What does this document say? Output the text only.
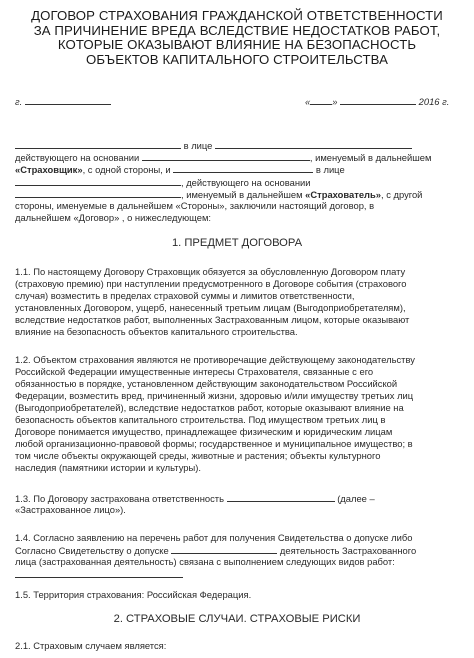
ДОГОВОР СТРАХОВАНИЯ ГРАЖДАНСКОЙ ОТВЕТСТВЕННОСТИ
ЗА ПРИЧИНЕНИЕ ВРЕДА ВСЛЕДСТВИЕ НЕДОСТАТКОВ РАБОТ,
КОТОРЫЕ ОКАЗЫВАЮТ ВЛИЯНИЕ НА БЕЗОПАСНОСТЬ
ОБЪЕКТОВ КАПИТАЛЬНОГО СТРОИТЕЛЬСТВА
г.	« »	2016 г.
в лице
действующего на основании	, именуемый в дальнейшем
«Страховщик», с одной стороны, и	в лице
, действующего на основании
, именуемый в дальнейшем «Страхователь», с другой
стороны, именуемые в дальнейшем «Стороны», заключили настоящий договор, в
дальнейшем «Договор» , о нижеследующем:
1. ПРЕДМЕТ ДОГОВОРА
1.1. По настоящему Договору Страховщик обязуется за обусловленную Договором плату
(страховую премию) при наступлении предусмотренного в Договоре события (страхового
случая) возместить в пределах страховой суммы и лимитов ответственности,
установленных Договором, ущерб, нанесенный третьим лицам (Выгодоприобретателям),
вследствие недостатков работ, выполненных Застрахованным лицом, которые оказывают
влияние на безопасность объектов капитального строительства.
1.2. Объектом страхования являются не противоречащие действующему законодательству
Российской Федерации имущественные интересы Страхователя, связанные с его
обязанностью в порядке, установленном действующим законодательством Российской
Федерации, возместить вред, причиненный жизни, здоровью и/или имуществу третьих лиц
(Выгодоприобретателей), вследствие недостатков работ, которые оказывают влияние на
безопасность объектов капитального строительства. Под имуществом третьих лиц в
Договоре понимается имущество, принадлежащее физическим и юридическим лицам
любой организационно-правовой формы; государственное и муниципальное имущество; в
том числе объекты окружающей среды, животные и растения; объекты культурного
наследия (памятники истории и культуры).
1.3. По Договору застрахована ответственность	(далее –
«Застрахованное лицо»).
1.4. Согласно заявлению на перечень работ для получения Свидетельства о допуске либо
Согласно Свидетельству о допуске	деятельность Застрахованного
лица (застрахованная деятельность) связана с выполнением следующих видов работ:
1.5. Территория страхования: Российская Федерация.
2. СТРАХОВЫЕ СЛУЧАИ. СТРАХОВЫЕ РИСКИ
2.1. Страховым случаем является:
